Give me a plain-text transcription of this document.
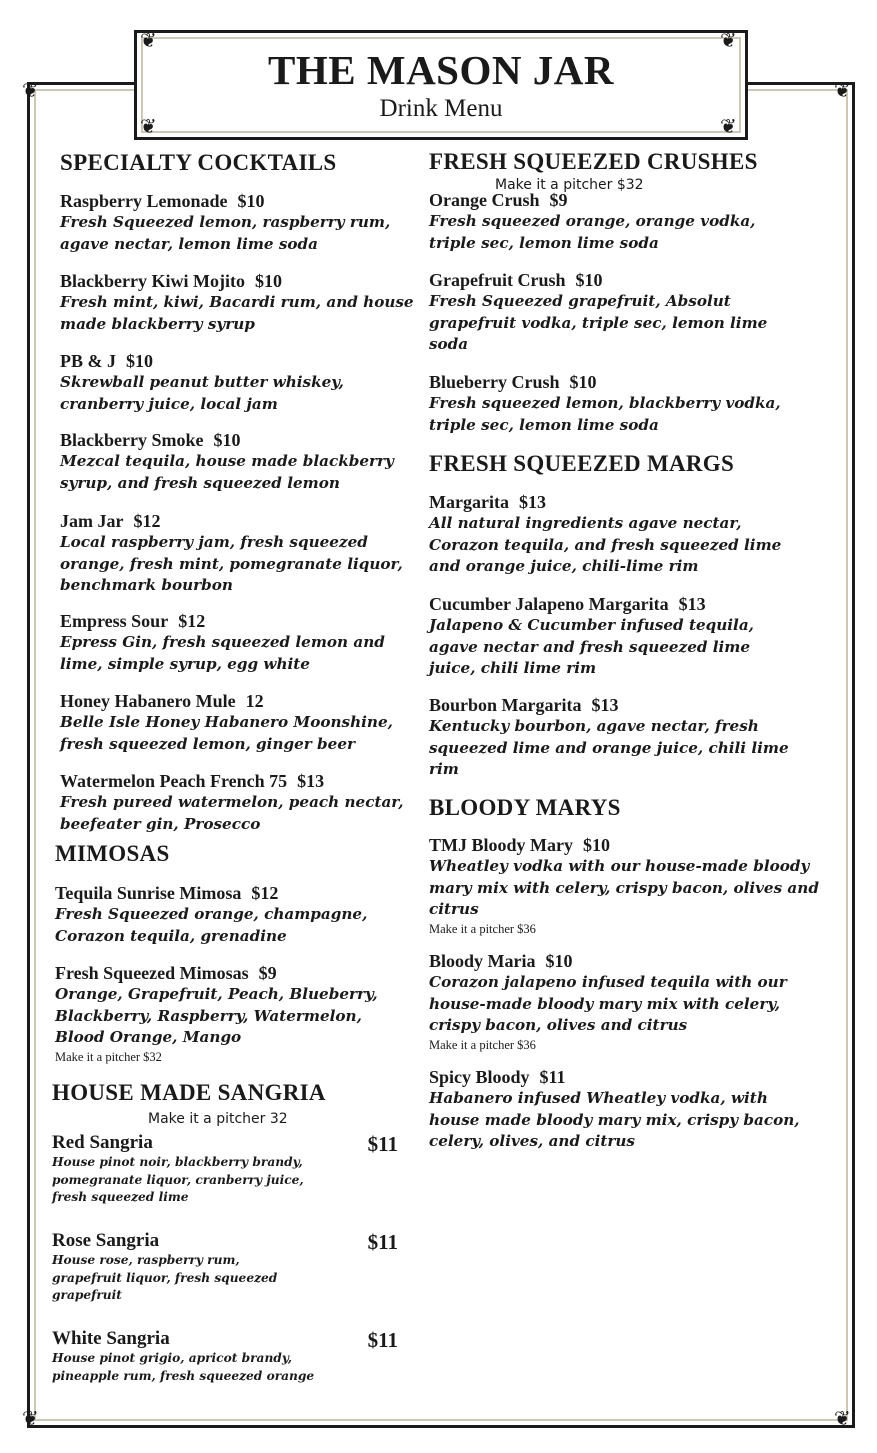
❦	❦
❦	❦
THE MASON JAR
Drink Menu
❦	❦
❦	❦
SPECIALTY COCKTAILS
Raspberry Lemonade $10
Fresh Squeezed lemon, raspberry rum, agave nectar, lemon lime soda
Blackberry Kiwi Mojito $10
Fresh mint, kiwi, Bacardi rum, and house made blackberry syrup
PB & J $10
Skrewball peanut butter whiskey, cranberry juice, local jam
Blackberry Smoke $10
Mezcal tequila, house made blackberry syrup, and fresh squeezed lemon
Jam Jar $12
Local raspberry jam, fresh squeezed orange, fresh mint, pomegranate liquor, benchmark bourbon
Empress Sour $12
Epress Gin, fresh squeezed lemon and lime, simple syrup, egg white
Honey Habanero Mule 12
Belle Isle Honey Habanero Moonshine, fresh squeezed lemon, ginger beer
Watermelon Peach French 75 $13
Fresh pureed watermelon, peach nectar, beefeater gin, Prosecco
MIMOSAS
Tequila Sunrise Mimosa $12
Fresh Squeezed orange, champagne, Corazon tequila, grenadine
Fresh Squeezed Mimosas $9
Orange, Grapefruit, Peach, Blueberry, Blackberry, Raspberry, Watermelon, Blood Orange, Mango
Make it a pitcher $32
HOUSE MADE SANGRIA
Make it a pitcher 32
Red Sangria	$11
House pinot noir, blackberry brandy, pomegranate liquor, cranberry juice, fresh squeezed lime
Rose Sangria	$11
House rose, raspberry rum, grapefruit liquor, fresh squeezed grapefruit
White Sangria	$11
House pinot grigio, apricot brandy, pineapple rum, fresh squeezed orange
FRESH SQUEEZED CRUSHES
Make it a pitcher $32
Orange Crush $9
Fresh squeezed orange, orange vodka, triple sec, lemon lime soda
Grapefruit Crush $10
Fresh Squeezed grapefruit, Absolut grapefruit vodka, triple sec, lemon lime soda
Blueberry Crush $10
Fresh squeezed lemon, blackberry vodka, triple sec, lemon lime soda
FRESH SQUEEZED MARGS
Margarita $13
All natural ingredients agave nectar, Corazon tequila, and fresh squeezed lime and orange juice, chili-lime rim
Cucumber Jalapeno Margarita $13
Jalapeno & Cucumber infused tequila, agave nectar and fresh squeezed lime juice, chili lime rim
Bourbon Margarita $13
Kentucky bourbon, agave nectar, fresh squeezed lime and orange juice, chili lime rim
BLOODY MARYS
TMJ Bloody Mary $10
Wheatley vodka with our house-made bloody mary mix with celery, crispy bacon, olives and citrus
Make it a pitcher $36
Bloody Maria $10
Corazon jalapeno infused tequila with our house-made bloody mary mix with celery, crispy bacon, olives and citrus
Make it a pitcher $36
Spicy Bloody $11
Habanero infused Wheatley vodka, with house made bloody mary mix, crispy bacon, celery, olives, and citrus
